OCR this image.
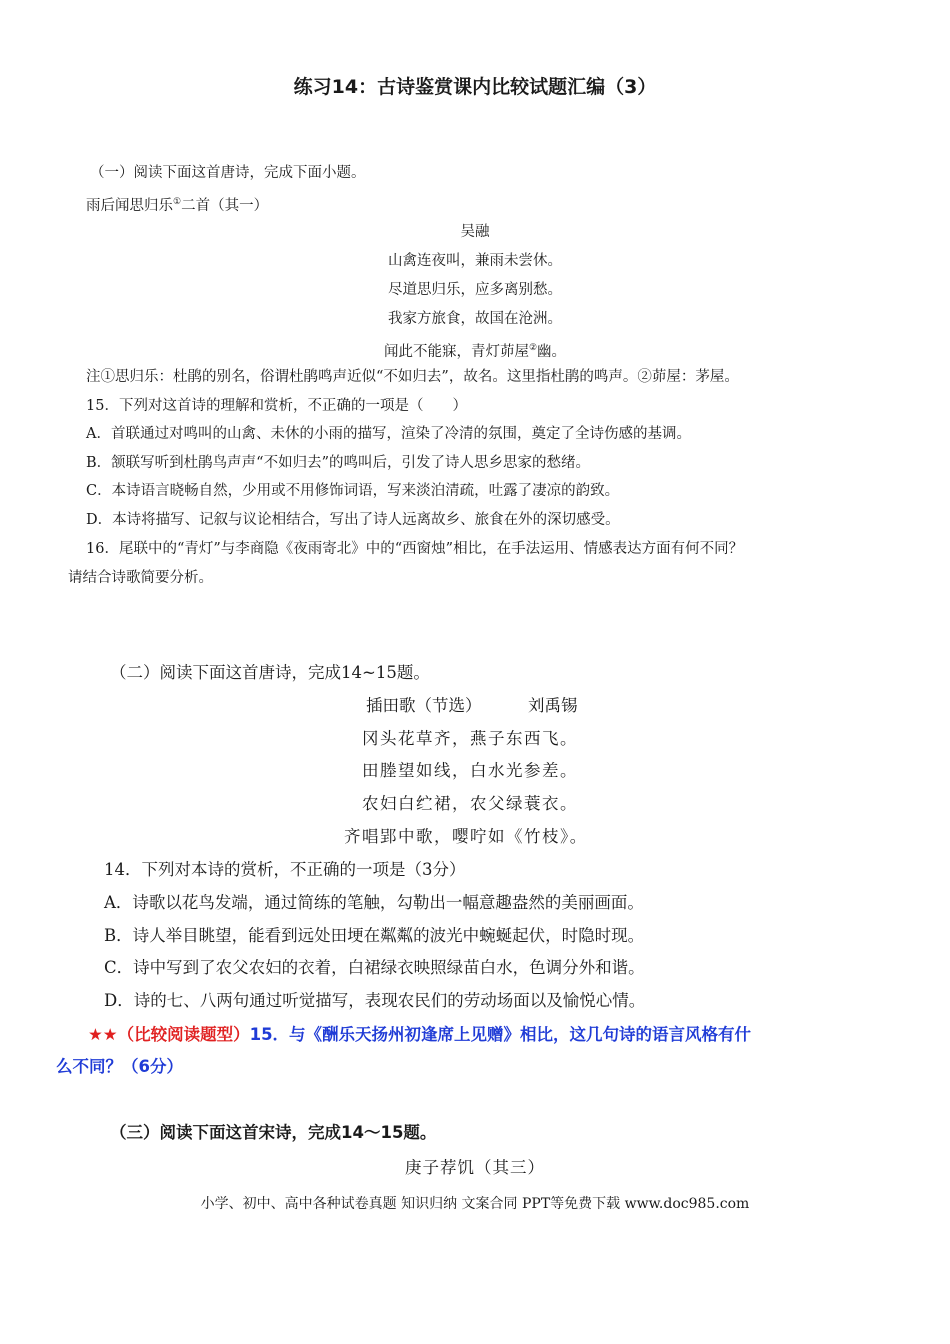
练习14：古诗鉴赏课内比较试题汇编（3）
（一）阅读下面这首唐诗，完成下面小题。
雨后闻思归乐①二首（其一）
吴融
山禽连夜叫，兼雨未尝休。
尽道思归乐，应多离别愁。
我家方旅食，故国在沧洲。
闻此不能寐，青灯茆屋②幽。
注①思归乐：杜鹃的别名，俗谓杜鹃鸣声近似“不如归去”，故名。这里指杜鹃的鸣声。②茆屋：茅屋。
15．下列对这首诗的理解和赏析，不正确的一项是（　　）
A．首联通过对鸣叫的山禽、未休的小雨的描写，渲染了冷清的氛围，奠定了全诗伤感的基调。
B．颔联写听到杜鹃鸟声声“不如归去”的鸣叫后，引发了诗人思乡思家的愁绪。
C．本诗语言晓畅自然，少用或不用修饰词语，写来淡泊清疏，吐露了凄凉的韵致。
D．本诗将描写、记叙与议论相结合，写出了诗人远离故乡、旅食在外的深切感受。
16．尾联中的“青灯”与李商隐《夜雨寄北》中的“西窗烛”相比，在手法运用、情感表达方面有何不同？
请结合诗歌简要分析。
（二）阅读下面这首唐诗，完成14~15题。
插田歌（节选）	刘禹锡
冈头花草齐，燕子东西飞。
田塍望如线，白水光参差。
农妇白纻裙，农父绿蓑衣。
齐唱郢中歌，嘤咛如《竹枝》。
14．下列对本诗的赏析，不正确的一项是（3分）
A．诗歌以花鸟发端，通过简练的笔触，勾勒出一幅意趣盎然的美丽画面。
B．诗人举目眺望，能看到远处田埂在粼粼的波光中蜿蜒起伏，时隐时现。
C．诗中写到了农父农妇的衣着，白裙绿衣映照绿苗白水，色调分外和谐。
D．诗的七、八两句通过听觉描写，表现农民们的劳动场面以及愉悦心情。
★★（比较阅读题型）15．与《酬乐天扬州初逢席上见赠》相比，这几句诗的语言风格有什
么不同？（6分）
（三）阅读下面这首宋诗，完成14～15题。
庚子荐饥（其三）
小学、初中、高中各种试卷真题 知识归纳 文案合同 PPT等免费下载 www.doc985.com
